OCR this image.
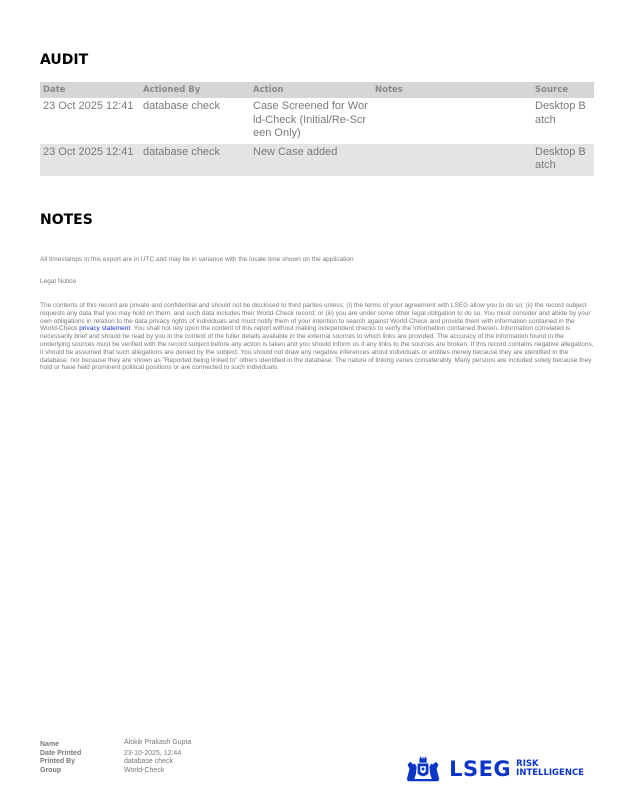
AUDIT
Date	Actioned By	Action	Notes	Source
23 Oct 2025 12:41	database check	Case Screened for World-Check (Initial/Re-Screen Only)		Desktop Batch
23 Oct 2025 12:41	database check	New Case added		Desktop Batch
NOTES

All timestamps in this export are in UTC and may be in variance with the locale time shown on the application

Legal Notice

The contents of this record are private and confidential and should not be disclosed to third parties unless: (i) the terms of your agreement with LSEG allow you to do so; (ii) the record subject requests any data that you may hold on them, and such data includes their World-Check record; or (iii) you are under some other legal obligation to do so. You must consider and abide by your own obligations in relation to the data privacy rights of individuals and must notify them of your intention to search against World-Check and provide them with information contained in the World-Check privacy statement. You shall not rely upon the content of this report without making independent checks to verify the information contained therein. Information correlated is necessarily brief and should be read by you in the context of the fuller details available in the external sources to which links are provided. The accuracy of the information found in the underlying sources must be verified with the record subject before any action is taken and you should inform us if any links to the sources are broken. If this record contains negative allegations, it should be assumed that such allegations are denied by the subject. You should not draw any negative inferences about individuals or entities merely because they are identified in the database, nor because they are shown as "Reported being linked to" others identified in the database. The nature of linking varies considerably. Many persons are included solely because they hold or have held prominent political positions or are connected to such individuals.

Name	Alokik Prakash Gupta
Date Printed	23-10-2025, 12:44
Printed By	database check
Group	World-Check	LSEG RISK
INTELLIGENCE
